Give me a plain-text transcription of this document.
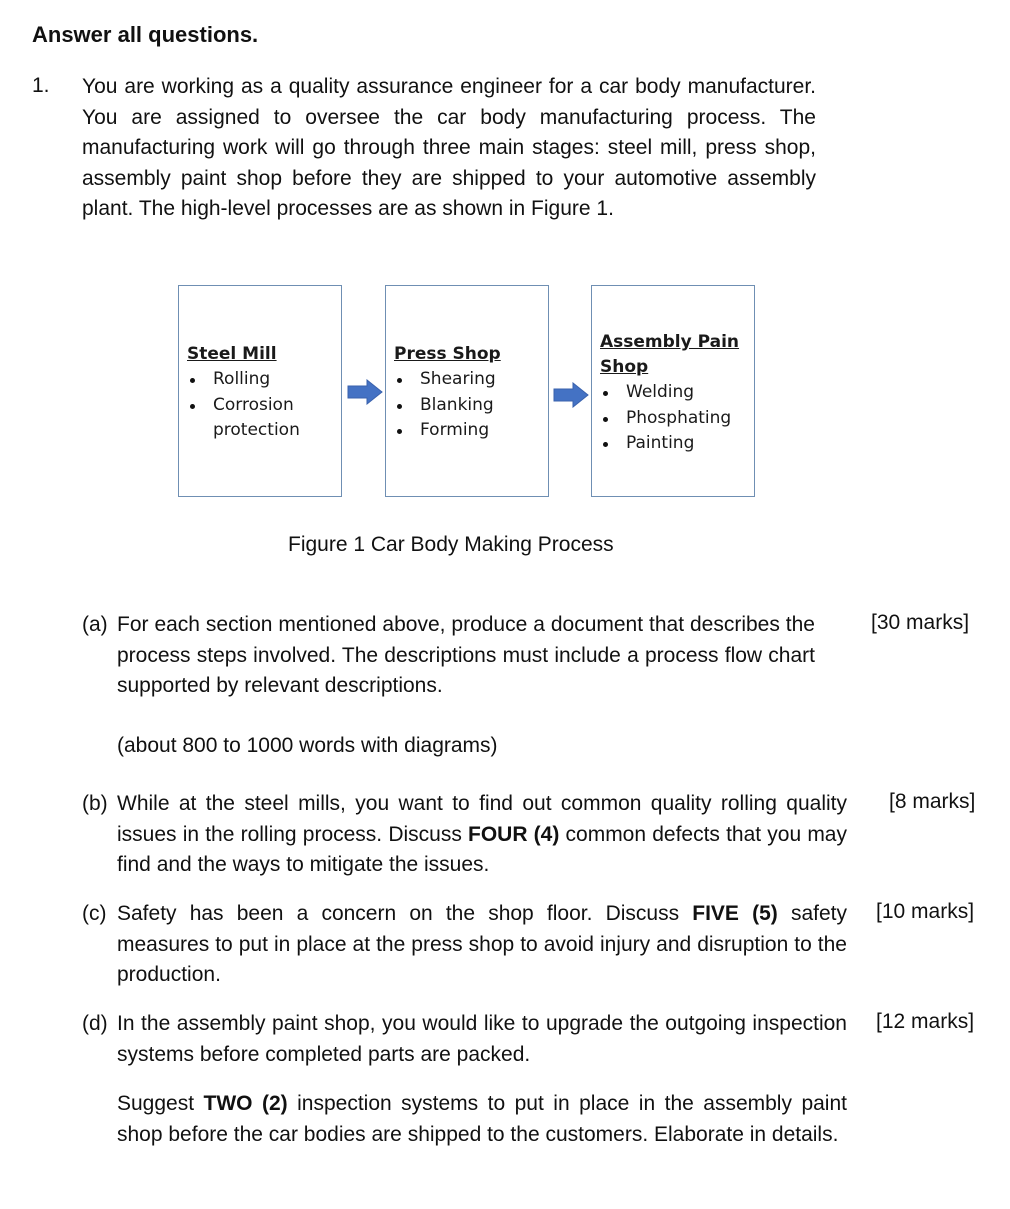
Answer all questions.
1. You are working as a quality assurance engineer for a car body manufacturer. You are assigned to oversee the car body manufacturing process. The manufacturing work will go through three main stages: steel mill, press shop, assembly paint shop before they are shipped to your automotive assembly plant. The high-level processes are as shown in Figure 1.
Steel Mill
Rolling
Corrosion protection
Press Shop
Shearing
Blanking
Forming
Assembly Pain Shop
Welding
Phosphating
Painting
Figure 1 Car Body Making Process
(a) For each section mentioned above, produce a document that describes the process steps involved. The descriptions must include a process flow chart supported by relevant descriptions.
[30 marks]
(about 800 to 1000 words with diagrams)
(b) While at the steel mills, you want to find out common quality rolling quality issues in the rolling process. Discuss FOUR (4) common defects that you may find and the ways to mitigate the issues.
[8 marks]
(c) Safety has been a concern on the shop floor. Discuss FIVE (5) safety measures to put in place at the press shop to avoid injury and disruption to the production.
[10 marks]
(d) In the assembly paint shop, you would like to upgrade the outgoing inspection systems before completed parts are packed.
[12 marks]
Suggest TWO (2) inspection systems to put in place in the assembly paint shop before the car bodies are shipped to the customers. Elaborate in details.
